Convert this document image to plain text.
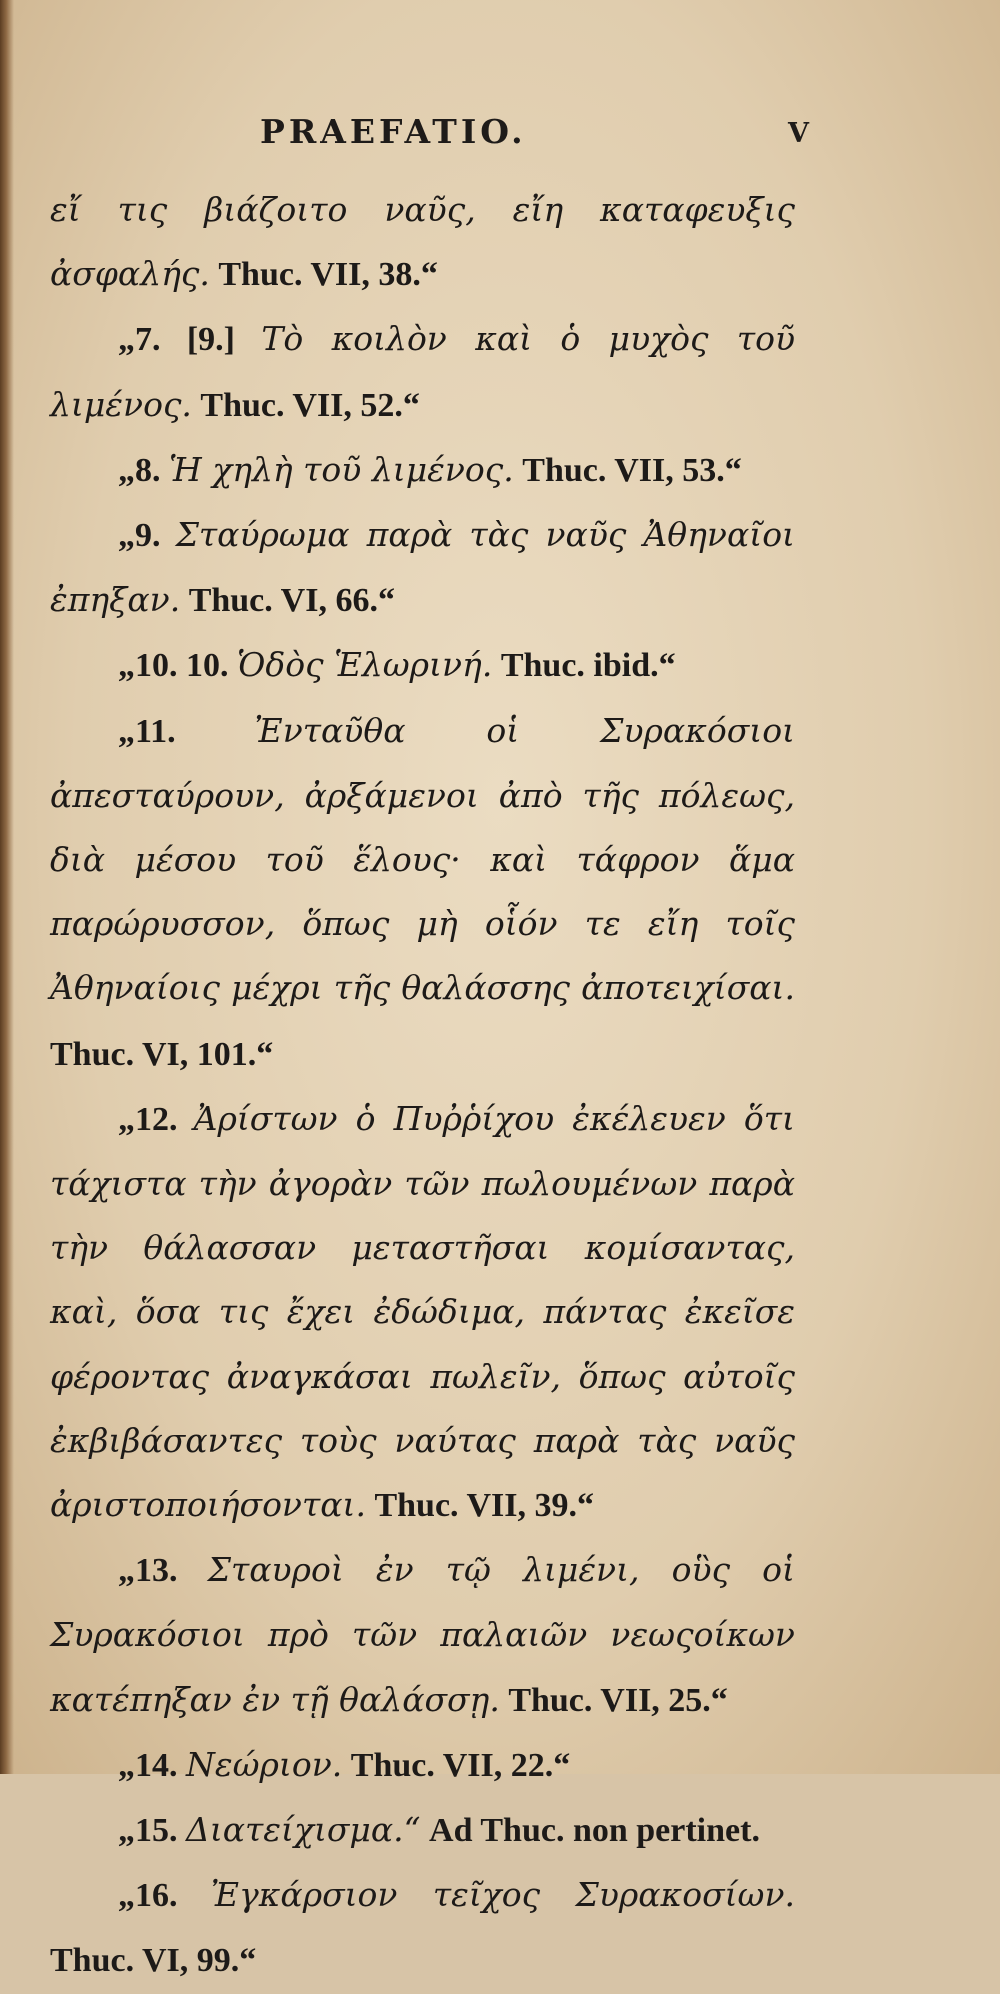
PRAEFATIO.	V

εἴ τις βιάζοιτο ναῦς, εἴη καταφευξις ἀσφαλής. Thuc. VII, 38.“

„7. [9.] Τὸ κοιλὸν καὶ ὁ μυχὸς τοῦ λιμένος. Thuc. VII, 52.“

„8. Ἡ χηλὴ τοῦ λιμένος. Thuc. VII, 53.“

„9. Σταύρωμα παρὰ τὰς ναῦς Ἀθηναῖοι ἐπηξαν. Thuc. VI, 66.“

„10. 10. Ὁδὸς Ἑλωρινή. Thuc. ibid.“

„11. Ἐνταῦθα οἱ Συρακόσιοι ἀπεσταύρουν, ἀρξάμενοι ἀπὸ τῆς πόλεως, διὰ μέσου τοῦ ἕλους· καὶ τάφρον ἅμα παρώρυσσον, ὅπως μὴ οἷόν τε εἴη τοῖς Ἀθηναίοις μέχρι τῆς θαλάσσης ἀποτειχίσαι. Thuc. VI, 101.“

„12. Ἀρίστων ὁ Πυῤῥίχου ἐκέλευεν ὅτι τάχιστα τὴν ἀγορὰν τῶν πωλουμένων παρὰ τὴν θάλασσαν μεταστῆσαι κομίσαντας, καὶ, ὅσα τις ἔχει ἐδώδιμα, πάντας ἐκεῖσε φέροντας ἀναγκάσαι πωλεῖν, ὅπως αὐτοῖς ἐκβιβάσαντες τοὺς ναύτας παρὰ τὰς ναῦς ἀριστοποιήσονται. Thuc. VII, 39.“

„13. Σταυροὶ ἐν τῷ λιμένι, οὓς οἱ Συρακόσιοι πρὸ τῶν παλαιῶν νεωςοίκων κατέπηξαν ἐν τῇ θαλάσσῃ. Thuc. VII, 25.“

„14. Νεώριον. Thuc. VII, 22.“

„15. Διατείχισμα.“ Ad Thuc. non pertinet.

„16. Ἐγκάρσιον τεῖχος Συρακοσίων. Thuc. VI, 99.“
